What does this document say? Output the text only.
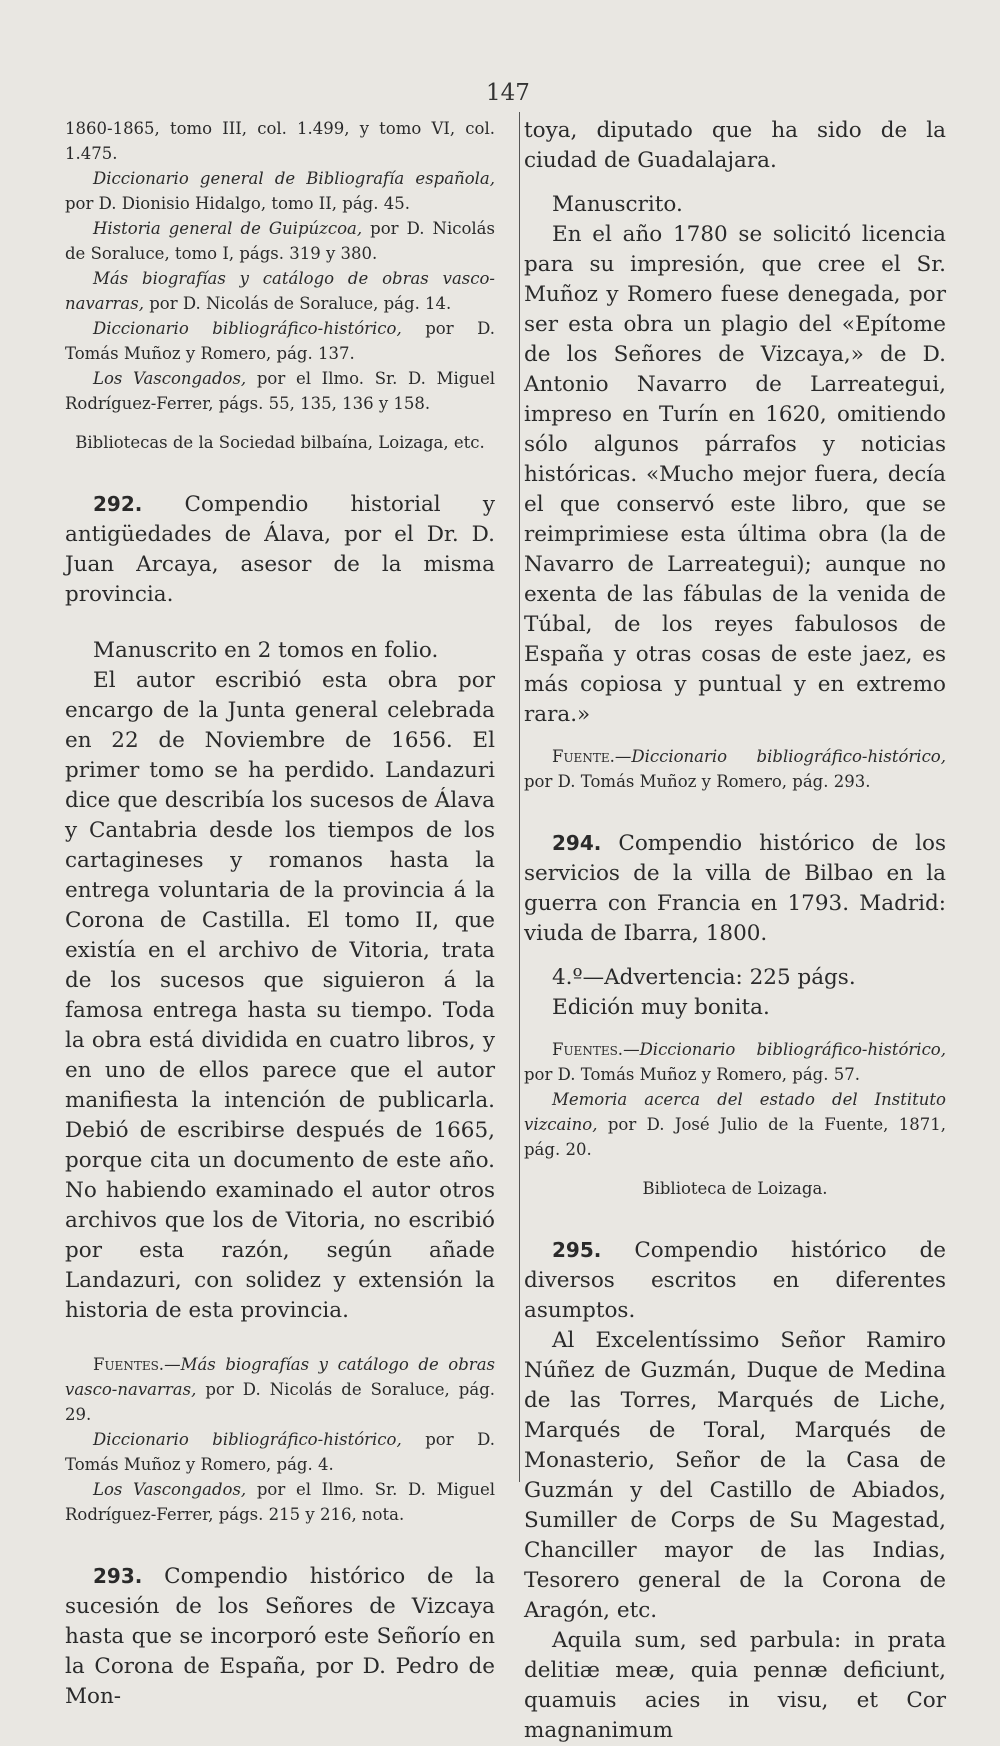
147

1860-1865, tomo III, col. 1.499, y tomo VI, col. 1.475.

Diccionario general de Bibliografía española, por D. Dionisio Hidalgo, tomo II, pág. 45.

Historia general de Guipúzcoa, por D. Nicolás de Soraluce, tomo I, págs. 319 y 380.

Más biografías y catálogo de obras vasco-navarras, por D. Nicolás de Soraluce, pág. 14.

Diccionario bibliográfico-histórico, por D. Tomás Muñoz y Romero, pág. 137.

Los Vascongados, por el Ilmo. Sr. D. Miguel Rodríguez-Ferrer, págs. 55, 135, 136 y 158.

Bibliotecas de la Sociedad bilbaína, Loizaga, etc.

292. Compendio historial y antigüedades de Álava, por el Dr. D. Juan Arcaya, asesor de la misma provincia.

Manuscrito en 2 tomos en folio.

El autor escribió esta obra por encargo de la Junta general celebrada en 22 de Noviembre de 1656. El primer tomo se ha perdido. Landazuri dice que describía los sucesos de Álava y Cantabria desde los tiempos de los cartagineses y romanos hasta la entrega voluntaria de la provincia á la Corona de Castilla. El tomo II, que existía en el archivo de Vitoria, trata de los sucesos que siguieron á la famosa entrega hasta su tiempo. Toda la obra está dividida en cuatro libros, y en uno de ellos parece que el autor manifiesta la intención de publicarla. Debió de escribirse después de 1665, porque cita un documento de este año. No habiendo examinado el autor otros archivos que los de Vitoria, no escribió por esta razón, según añade Landazuri, con solidez y extensión la historia de esta provincia.

Fuentes.—Más biografías y catálogo de obras vasco-navarras, por D. Nicolás de Soraluce, pág. 29.

Diccionario bibliográfico-histórico, por D. Tomás Muñoz y Romero, pág. 4.

Los Vascongados, por el Ilmo. Sr. D. Miguel Rodríguez-Ferrer, págs. 215 y 216, nota.

293. Compendio histórico de la sucesión de los Señores de Vizcaya hasta que se incorporó este Señorío en la Corona de España, por D. Pedro de Mon-

toya, diputado que ha sido de la ciudad de Guadalajara.

Manuscrito.

En el año 1780 se solicitó licencia para su impresión, que cree el Sr. Muñoz y Romero fuese denegada, por ser esta obra un plagio del «Epítome de los Señores de Vizcaya,» de D. Antonio Navarro de Larreategui, impreso en Turín en 1620, omitiendo sólo algunos párrafos y noticias históricas. «Mucho mejor fuera, decía el que conservó este libro, que se reimprimiese esta última obra (la de Navarro de Larreategui); aunque no exenta de las fábulas de la venida de Túbal, de los reyes fabulosos de España y otras cosas de este jaez, es más copiosa y puntual y en extremo rara.»

Fuente.—Diccionario bibliográfico-histórico, por D. Tomás Muñoz y Romero, pág. 293.

294. Compendio histórico de los servicios de la villa de Bilbao en la guerra con Francia en 1793. Madrid: viuda de Ibarra, 1800.

4.º—Advertencia: 225 págs.

Edición muy bonita.

Fuentes.—Diccionario bibliográfico-histórico, por D. Tomás Muñoz y Romero, pág. 57.

Memoria acerca del estado del Instituto vizcaino, por D. José Julio de la Fuente, 1871, pág. 20.

Biblioteca de Loizaga.

295. Compendio histórico de diversos escritos en diferentes asumptos.

Al Excelentíssimo Señor Ramiro Núñez de Guzmán, Duque de Medina de las Torres, Marqués de Liche, Marqués de Toral, Marqués de Monasterio, Señor de la Casa de Guzmán y del Castillo de Abiados, Sumiller de Corps de Su Magestad, Chanciller mayor de las Indias, Tesorero general de la Corona de Aragón, etc.

Aquila sum, sed parbula: in prata delitiæ meæ, quia pennæ deficiunt, quamuis acies in visu, et Cor magnanimum
